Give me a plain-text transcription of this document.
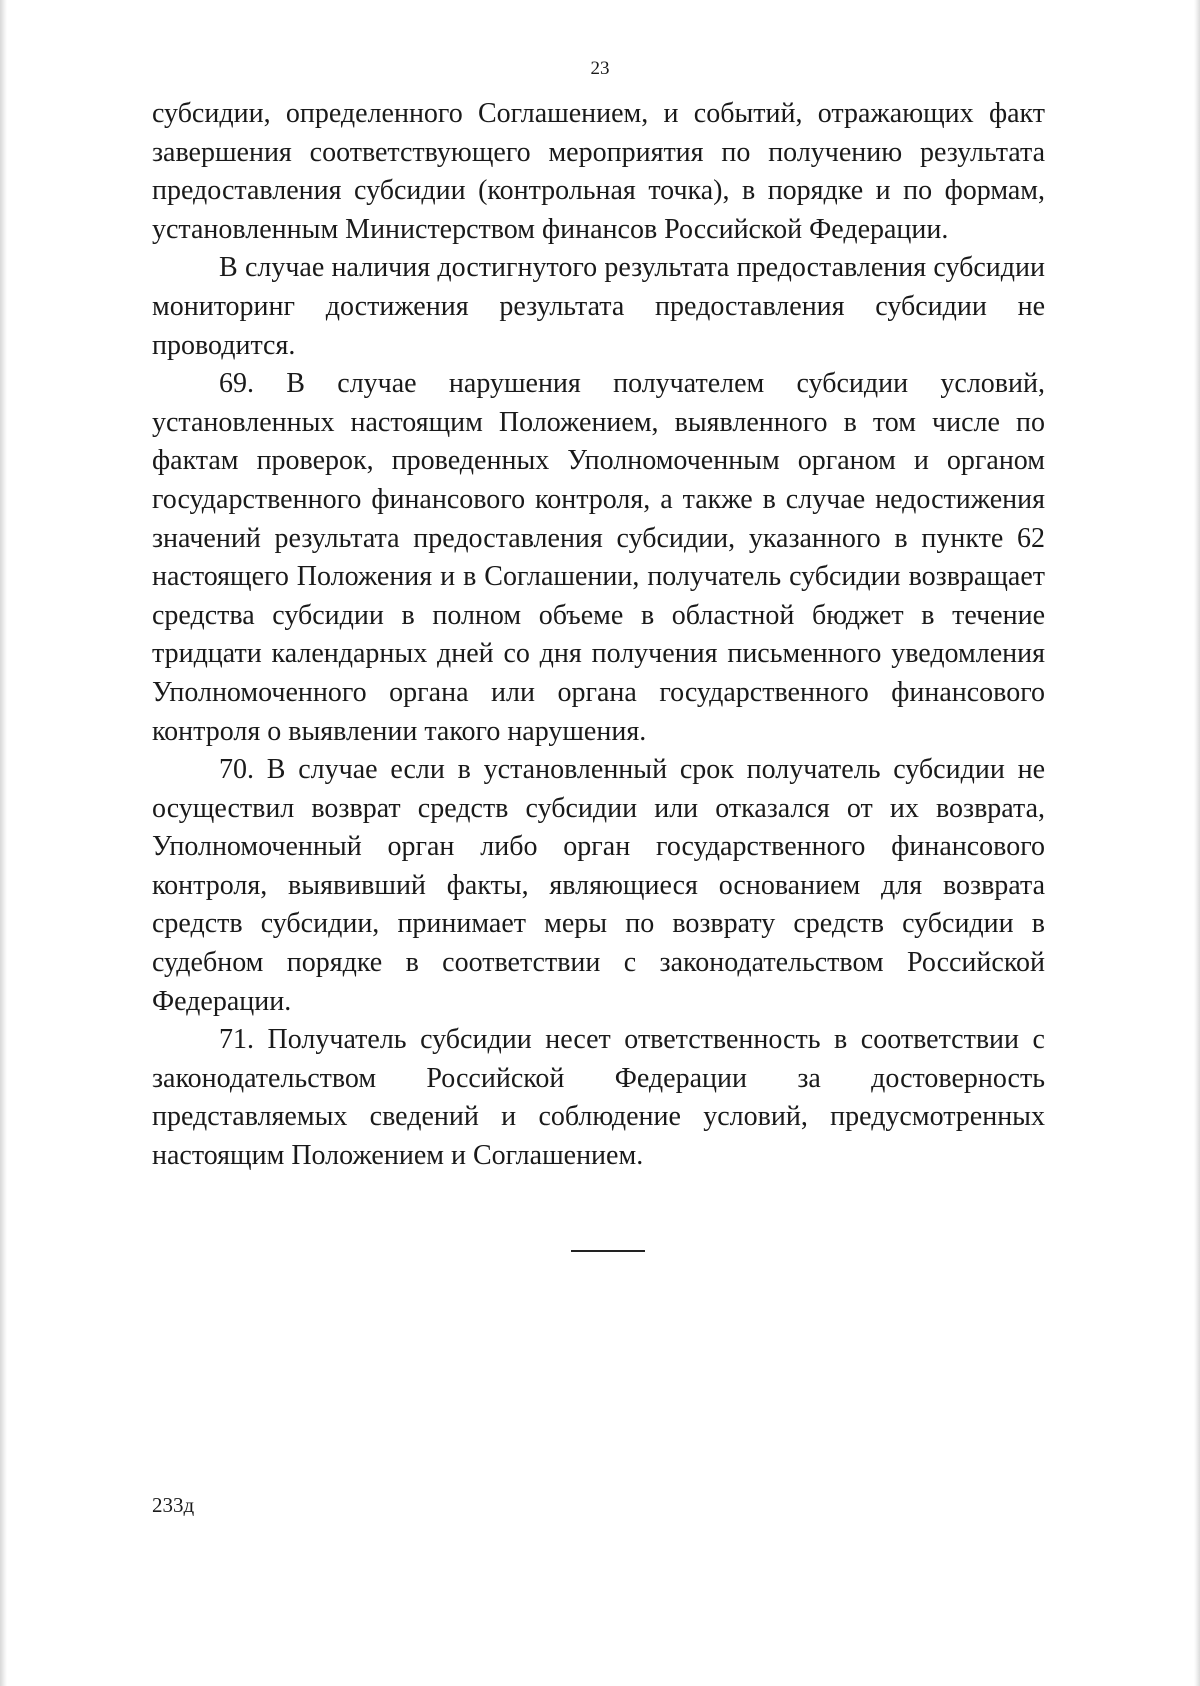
23

субсидии, определенного Соглашением, и событий, отражающих факт завершения соответствующего мероприятия по получению результата предоставления субсидии (контрольная точка), в порядке и по формам, установленным Министерством финансов Российской Федерации.

В случае наличия достигнутого результата предоставления субсидии мониторинг достижения результата предоставления субсидии не проводится.

69. В случае нарушения получателем субсидии условий, установленных настоящим Положением, выявленного в том числе по фактам проверок, проведенных Уполномоченным органом и органом государственного финансового контроля, а также в случае недостижения значений результата предоставления субсидии, указанного в пункте 62 настоящего Положения и в Соглашении, получатель субсидии возвращает средства субсидии в полном объеме в областной бюджет в течение тридцати календарных дней со дня получения письменного уведомления Уполномоченного органа или органа государственного финансового контроля о выявлении такого нарушения.

70. В случае если в установленный срок получатель субсидии не осуществил возврат средств субсидии или отказался от их возврата, Уполномоченный орган либо орган государственного финансового контроля, выявивший факты, являющиеся основанием для возврата средств субсидии, принимает меры по возврату средств субсидии в судебном порядке в соответствии с законодательством Российской Федерации.

71. Получатель субсидии несет ответственность в соответствии с законодательством Российской Федерации за достоверность представляемых сведений и соблюдение условий, предусмотренных настоящим Положением и Соглашением.

233д
